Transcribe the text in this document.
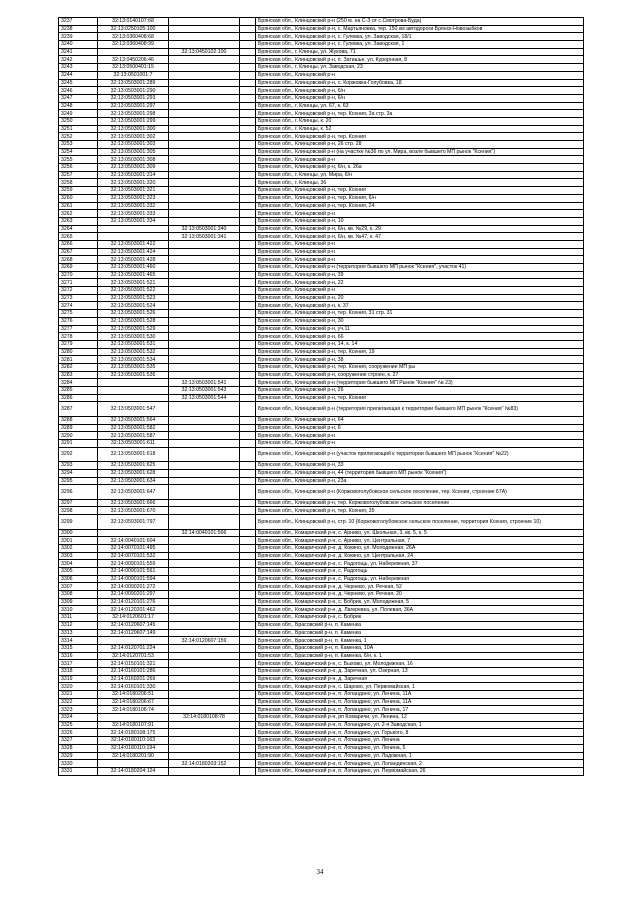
3237	32:13:0140107:68			Брянская обл., Клинцовский р-н (250 м. на С-З от с.Смотрова-Буда)
3238	32:13:0250105:100			Брянская обл., Клинцовский р-н, с. Мартьяновка, тер. 150 км автодороги Брянск-Новозыбков
3239	32:13:0360408:68			Брянская обл., Клинцовский р-н, с. Гулевка, ул. Заводская, 18/1
3240	32:13:0360408:99			Брянская обл., Клинцовский р-н, с. Гулевка, ул. Заводская, 1
3241		32:13:0450102:100		Брянская обл., г. Клинцы, ул. Жукова, 71
3242	32:13:0450206:46			Брянская обл., Клинцовский р-н, п. Затишье, ул. Курорнная, 8
3243	32:13:0500401:15			Брянская обл., г. Клинцы, ул. Заводская, 23
3244	32:13:0501001:7			Брянская обл., Клинцовский р-н
3245	32:13:0503001:289			Брянская обл., Клинцовский р-н, с. Коржовка-Голубовка, 18
3246	32:13:0503001:290			Брянская обл., Клинцовский р-н, 6/н
3247	32:13:0503001:293			Брянская обл., Клинцовский р-н, 6/н
3248	32:13:0503001:297			Брянская обл., г. Клинцы, ул. 67, к. 63
3249	32:13:0503001:298			Брянская обл., Клинцовский р-н, тер. Ксения, 3а стр. 3а
3250	32:13:0503001:299			Брянская обл., г. Клинцы, к. 20
3251	32:13:0503001:300			Брянская обл., г. Клинцы, к. 52
3252	32:13:0503001:302			Брянская обл., Клинцовский р-н, тер. Ксения
3253	32:13:0503001:303			Брянская обл., Клинцовский р-н, 26 стр. 28
3254	32:13:0503001:305			Брянская обл., Клинцовский р-н (на участке №36 по ул. Мира, возле бывшего МП рынок "Ксения")
3255	32:13:0503001:308			Брянская обл., Клинцовский р-н
3256	32:13:0503001:309			Брянская обл., Клинцовский р-н, 6/н, к. 26а
3257	32:13:0503001:314			Брянская обл., г. Клинцы, ул. Мира, 6/н
3258	32:13:0503001:320			Брянская обл., г. Клинцы, 36
3259	32:13:0503001:321			Брянская обл., Клинцовский р-н, тер. Ксения
3260	32:13:0503001:323			Брянская обл., Клинцовский р-н, тер. Ксения, 6/н
3261	32:13:0503001:332			Брянская обл., Клинцовский р-н, тер. Ксения, 24
3262	32:13:0503001:333			Брянская обл., Клинцовский р-н
3263	32:13:0503001:334			Брянская обл., Клинцовский р-н, 10
3264		32:13:0503001:340		Брянская обл., Клинцовский р-н, 6/н, кв. №29, к. 29
3265		32:13:0503001:341		Брянская обл., Клинцовский р-н, 6/н, кв. №47, к. 47
3266	32:13:0503001:422			Брянская обл., Клинцовский р-н
3267	32:13:0503001:424			Брянская обл., Клинцовский р-н
3268	32:13:0503001:428			Брянская обл., Клинцовский р-н
3269	32:13:0503001:460			Брянская обл., Клинцовский р-н (территория бывшего МП рынок "Ксения", участок 41)
3270	32:13:0503001:465			Брянская обл., Клинцовский р-н, 39
3271	32:13:0503001:521			Брянская обл., Клинцовский р-н, 22
3272	32:13:0503001:522			Брянская обл., Клинцовский р-н
3273	32:13:0503001:523			Брянская обл., Клинцовский р-н, 20
3274	32:13:0503001:524			Брянская обл., Клинцовский р-н, к. 37
3275	32:13:0503001:526			Брянская обл., Клинцовский р-н, тер. Ксения, 31 стр. 31
3276	32:13:0503001:528			Брянская обл., Клинцовский р-н, 30
3277	32:13:0503001:529			Брянская обл., Клинцовский р-н, уч.11
3278	32:13:0503001:530			Брянская обл., Клинцовский р-н, 66
3279	32:13:0503001:531			Брянская обл., Клинцовский р-н, 14, к. 14
3280	32:13:0503001:532			Брянская обл., Клинцовский р-н, тер. Ксения, 19
3281	32:13:0503001:534			Брянская обл., Клинцовский р-н, 38
3282	32:13:0503001:535			Брянская обл., Клинцовский р-н, тер. Ксения, сооружение МП ры
3283	32:13:0503001:536			Брянская обл., Клинцовский р-н, сооружение строен. к. 27
3284		32:13:0503001:541		Брянская обл., Клинцовский р-н (территория бывшего МП Рынок "Ксения" № 23)
3285		32:13:0503001:543		Брянская обл., Клинцовский р-н, 26
3286		32:13:0503001:544		Брянская обл., Клинцовский р-н, тер. Ксения
3287	32:13:0503001:547			Брянская обл., Клинцовский р-н (территория прилегающая к территории бывшего МП рынок "Ксения" №83)
3288	32:13:0503001:564			Брянская обл., Клинцовский р-н, 64
3289	32:13:0503001:582			Брянская обл., Клинцовский р-н, 6
3290	32:13:0503001:587			Брянская обл., Клинцовский р-н
3291	32:13:0503001:611			Брянская обл., Клинцовский р-н
3292	32:13:0503001:618			Брянская обл., Клинцовский р-н (участок прилегающий к территории бывшего МП рынок "Ксения" №22)
3293	32:13:0503001:625			Брянская обл., Клинцовский р-н, 33
3294	32:13:0503001:628			Брянская обл., Клинцовский р-н, 44 (территория бывшего МП рынок "Ксения")
3295	32:13:0503001:634			Брянская обл., Клинцовский р-н, 23а
3296	32:13:0503001:647			Брянская обл., Клинцовский р-н (Коржовоголубовское сельское поселение, тер. Ксения, строение 67А)
3297	32:13:0503001:666			Брянская обл., Клинцовский р-н, тер. Коржовоголубовское сельское поселение
3298	32:13:0503001:670			Брянская обл., Клинцовский р-н, тер. Ксения, 35
3299	32:13:0503001:797			Брянская обл., Клинцовский р-н, стр. 10 (Коржовоголубовское сельское поселение, территория Ксения, строение 10)
3300		32:14:0040101:566		Брянская обл., Комаричский р-н, с. Арнико, ул. Школьная, 3, кв. 5, к. 5
3301	32:14:0040101:604			Брянская обл., Комаричский р-н, с. Арнико, ул. Центральная, 7
3302	32:14:0070101:495			Брянская обл., Комаричский р-н, д. Кокино, ул. Молодежная, 26А
3303	32:14:0070101:532			Брянская обл., Комаричский р-н, д. Кокино, ул. Центральная, 24
3304	32:14:0090101:559			Брянская обл., Комаричский р-н, с. Радогощь, ул. Набережная, 37
3305	32:14:0090101:561			Брянская обл., Комаричский р-н, с. Радогощь
3306	32:14:0090101:594			Брянская обл., Комаричский р-н, с. Радогощь, ул. Набережная
3307	32:14:0090201:272			Брянская обл., Комаричский р-н, д. Чернево, ул. Речная, 52
3308	32:14:0090201:297			Брянская обл., Комаричский р-н, д. Чернево, ул. Речная, 20
3309	32:14:0120101:276			Брянская обл., Комаричский р-н, с. Бобрик, ул. Молодежная, 5
3310	32:14:0120201:462			Брянская обл., Комаричский р-н, д. Лагеревка, ул. Полевая, 36А
3311	32:14:0120601:17			Брянская обл., Комаричский р-н, с. Бобрик
3312	32:14:0120607:145			Брянская обл., Брасовский р-н, п. Каменка
3313	32:14:0120607:149			Брянская обл., Брасовский р-н, п. Каменка
3314		32:14:0120607:159		Брянская обл., Брасовский р-н, п. Каменка, 1
3315	32:14:0120701:224			Брянская обл., Брасовский р-н, п. Каменка, 10А
3316	32:14:0120701:53			Брянская обл., Брасовский р-н, п. Каменка, 6/н, к. 1
3317	32:14:0150101:321			Брянская обл., Комаричский р-н, с. Быхово, ул. Молодежная, 16
3318	32:14:0160101:286			Брянская обл., Комаричский р-н, д. Заречная, ул. Озерная, 13
3319	32:14:0160201:269			Брянская обл., Комаричский р-н, д. Заречная
3320	32:14:0160101:330			Брянская обл., Комаричский р-н, с. Шарово, ул. Первомайская, 1
3321	32:14:0180206:51			Брянская обл., Комаричский р-н, п. Лопандино, ул. Ленина, 11А
3322	32:14:0180206:67			Брянская обл., Комаричский р-н, п. Лопандино, ул. Ленина, 11А
3323	32:14:0180106:74			Брянская обл., Комаричский р-н, п. Лопандино, ул. Ленина, 17
3324		32:14:0180108:78		Брянская обл., Комаричский р-н, рп Комаричи, ул. Ленина, 12
3325	32:14:0180107:91			Брянская обл., Комаричский р-н, п. Лопандино, ул. 2-я Заводская, 1
3326	32:14:0180108:175			Брянская обл., Комаричский р-н, п. Лопандино, ул. Горького, 8
3327	32:14:0180110:163			Брянская обл., Комаричский р-н, п. Лопандино, ул. Ленина
3328	32:14:0180110:194			Брянская обл., Комаричский р-н, п. Лопандино, ул. Ленина, 5
3329	32:14:0180201:90			Брянская обл., Комаричский р-н, п. Лопандино, ул. Ладожная, 1
3330		32:14:0180203:152		Брянская обл., Комаричский р-н, п. Лопандино, ул. Лопандинская, 2
3331	32:14:0180204:124			Брянская обл., Комаричский р-н, п. Лопандино, ул. Первомайская, 26
34
